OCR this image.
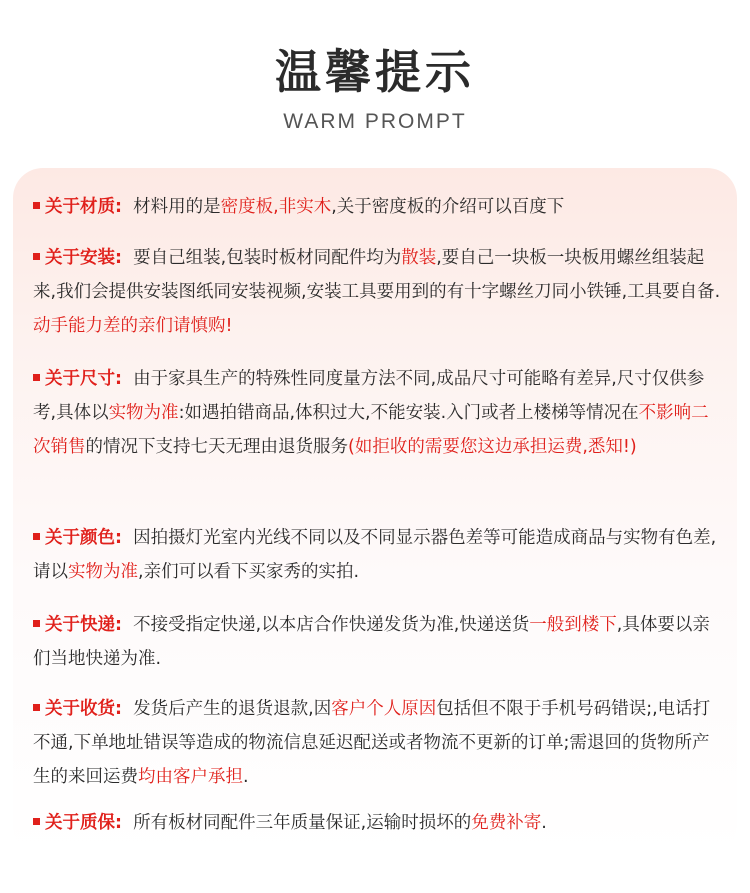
温馨提示
WARM PROMPT

关于材质: 材料用的是密度板,非实木,关于密度板的介绍可以百度下

关于安装: 要自己组装,包装时板材同配件均为散装,要自己一块板一块板用螺丝组装起来,我们会提供安装图纸同安装视频,安装工具要用到的有十字螺丝刀同小铁锤,工具要自备.动手能力差的亲们请慎购!

关于尺寸: 由于家具生产的特殊性同度量方法不同,成品尺寸可能略有差异,尺寸仅供参考,具体以实物为准:如遇拍错商品,体积过大,不能安装.入门或者上楼梯等情况在不影响二次销售的情况下支持七天无理由退货服务(如拒收的需要您这边承担运费,悉知!)

关于颜色: 因拍摄灯光室内光线不同以及不同显示器色差等可能造成商品与实物有色差,请以实物为准,亲们可以看下买家秀的实拍.

关于快递: 不接受指定快递,以本店合作快递发货为准,快递送货一般到楼下,具体要以亲们当地快递为准.

关于收货: 发货后产生的退货退款,因客户个人原因包括但不限于手机号码错误;,电话打不通,下单地址错误等造成的物流信息延迟配送或者物流不更新的订单;需退回的货物所产生的来回运费均由客户承担.

关于质保: 所有板材同配件三年质量保证,运输时损坏的免费补寄.
